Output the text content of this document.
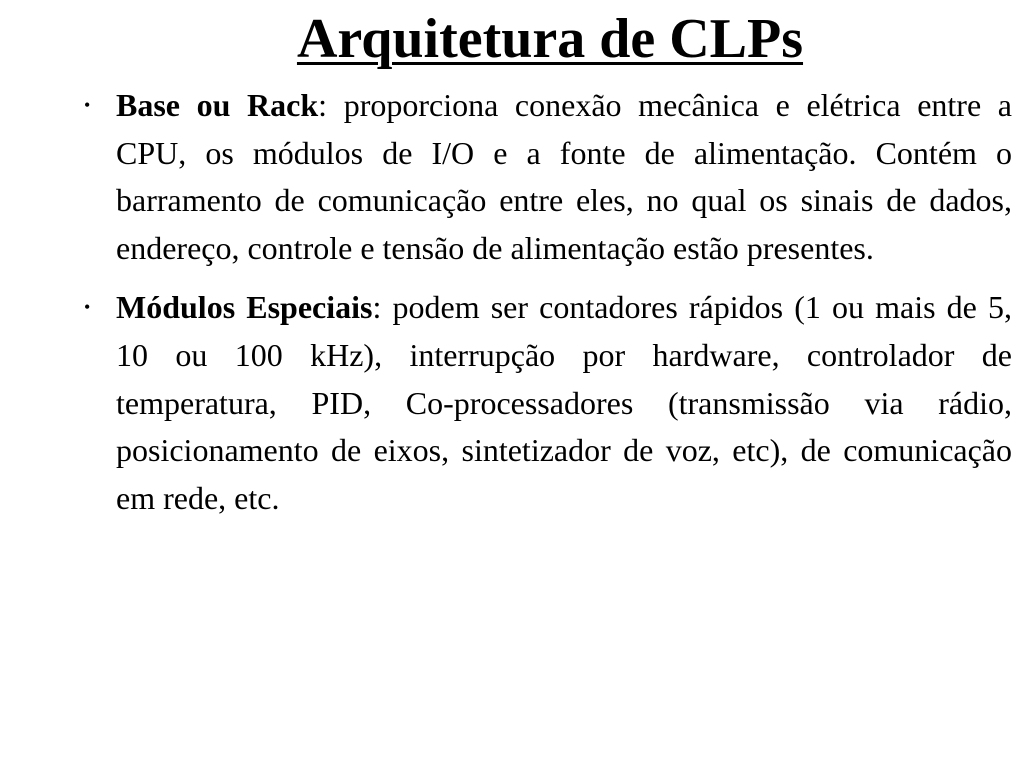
Arquitetura de CLPs
• Base ou Rack: proporciona conexão mecânica e elétrica entre a CPU, os módulos de I/O e a fonte de alimentação. Contém o barramento de comunicação entre eles, no qual os sinais de dados, endereço, controle e tensão de alimentação estão presentes.
• Módulos Especiais: podem ser contadores rápidos (1 ou mais de 5, 10 ou 100 kHz), interrupção por hardware, controlador de temperatura, PID, Co-processadores (transmissão via rádio, posicionamento de eixos, sintetizador de voz, etc), de comunicação em rede, etc.
